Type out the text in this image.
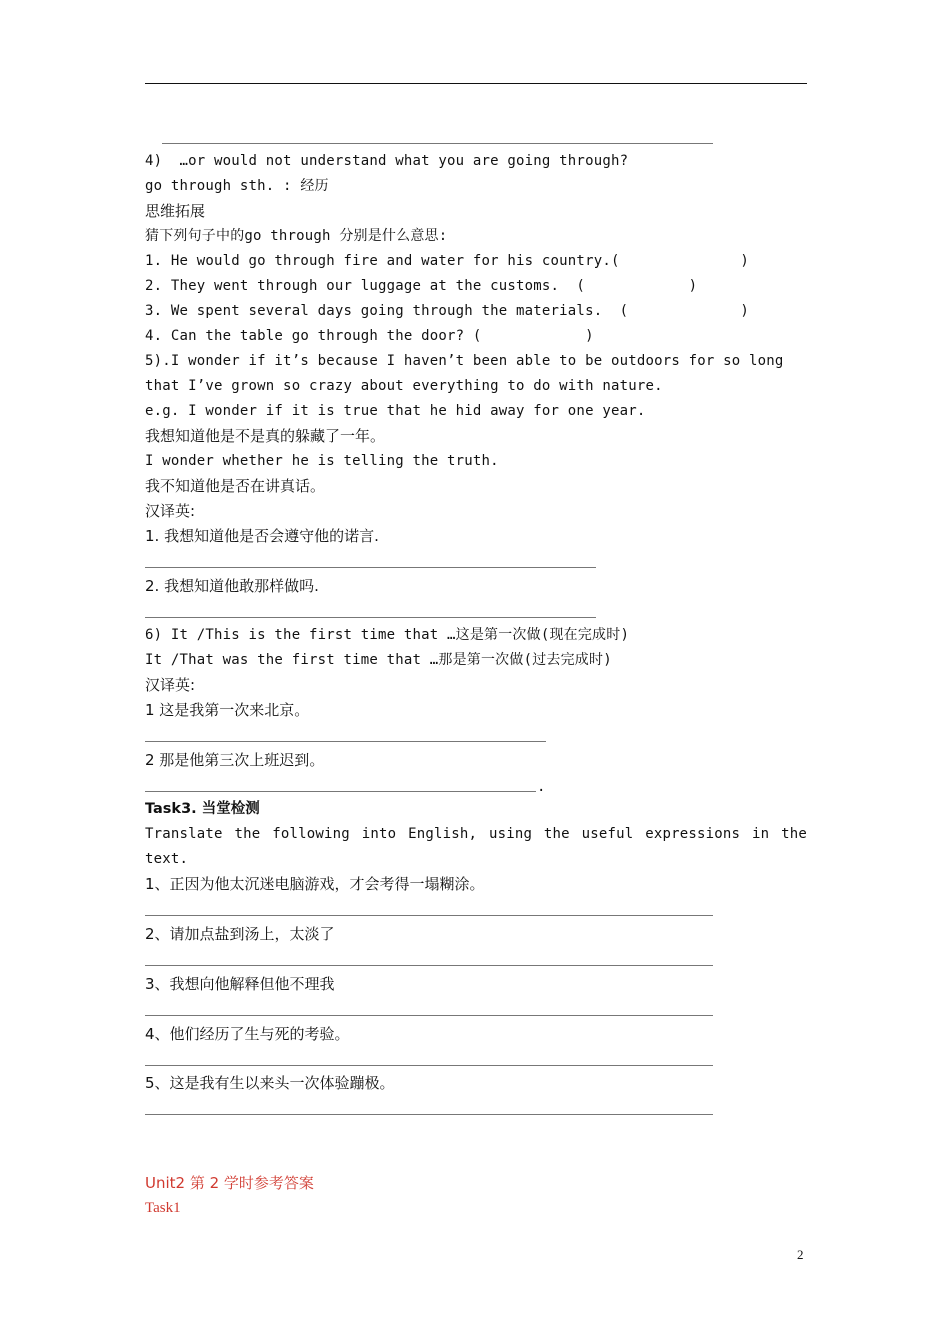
4)  …or would not understand what you are going through?
go through sth. : 经历
思维拓展
猜下列句子中的go through 分别是什么意思:
1. He would go through fire and water for his country.(              )
2. They went through our luggage at the customs.  (            )
3. We spent several days going through the materials.  (             )
4. Can the table go through the door? (            )
5).I wonder if it’s because I haven’t been able to be outdoors for so long
that I’ve grown so crazy about everything to do with nature.
e.g. I wonder if it is true that he hid away for one year.
我想知道他是不是真的躲藏了一年。
I wonder whether he is telling the truth.
我不知道他是否在讲真话。
汉译英:
1. 我想知道他是否会遵守他的诺言.
2. 我想知道他敢那样做吗.
6) It /This is the first time that …这是第一次做(现在完成时)
It /That was the first time that …那是第一次做(过去完成时)
汉译英:
1 这是我第一次来北京。
2 那是他第三次上班迟到。
.
Task3. 当堂检测
Translate the following into English, using the useful expressions in the
text.
1、正因为他太沉迷电脑游戏，才会考得一塌糊涂。
2、请加点盐到汤上，太淡了
3、我想向他解释但他不理我
4、他们经历了生与死的考验。
5、这是我有生以来头一次体验蹦极。
Unit2 第 2 学时参考答案
Task1
2
